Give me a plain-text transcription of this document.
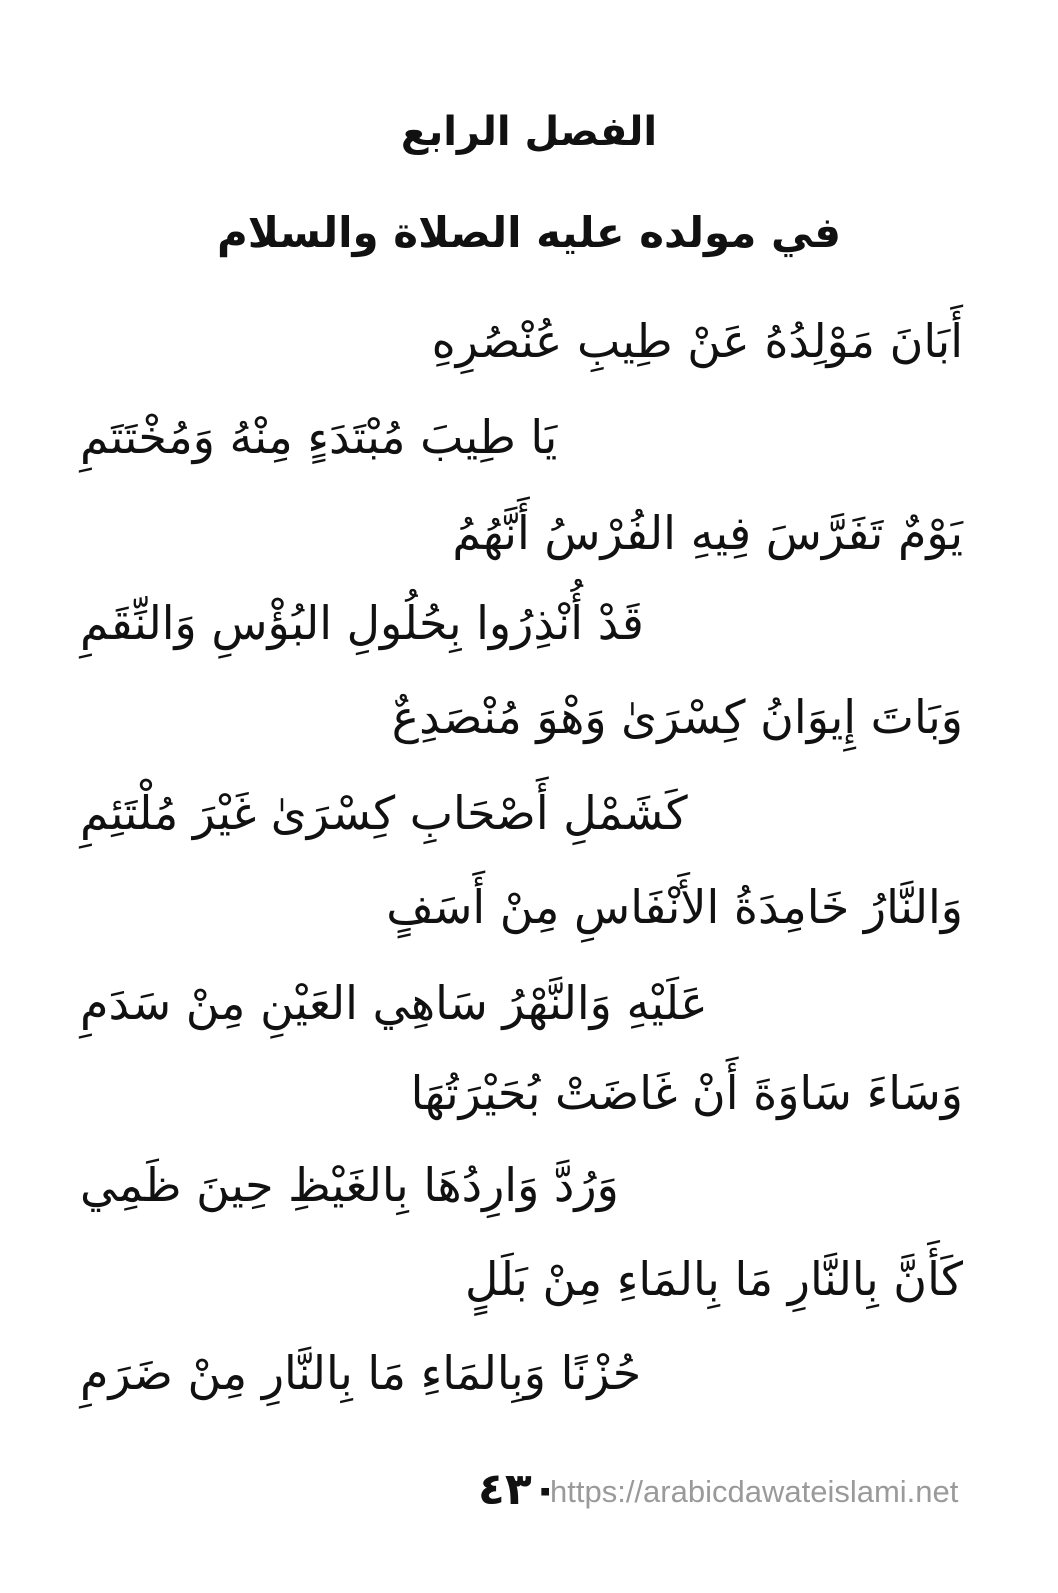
الفصل الرابع
في مولده عليه الصلاة والسلام
أَبَانَ مَوْلِدُهُ عَنْ طِيبِ عُنْصُرِهِ
يَا طِيبَ مُبْتَدَءٍ مِنْهُ وَمُخْتَتَمِ
يَوْمٌ تَفَرَّسَ فِيهِ الفُرْسُ أَنَّهُمُ
قَدْ أُنْذِرُوا بِحُلُولِ البُؤْسِ وَالنِّقَمِ
وَبَاتَ إِيوَانُ كِسْرَىٰ وَهْوَ مُنْصَدِعٌ
كَشَمْلِ أَصْحَابِ كِسْرَىٰ غَيْرَ مُلْتَئِمِ
وَالنَّارُ خَامِدَةُ الأَنْفَاسِ مِنْ أَسَفٍ
عَلَيْهِ وَالنَّهْرُ سَاهِي العَيْنِ مِنْ سَدَمِ
وَسَاءَ سَاوَةَ أَنْ غَاضَتْ بُحَيْرَتُهَا
وَرُدَّ وَارِدُهَا بِالغَيْظِ حِينَ ظَمِي
كَأَنَّ بِالنَّارِ مَا بِالمَاءِ مِنْ بَلَلٍ
حُزْنًا وَبِالمَاءِ مَا بِالنَّارِ مِنْ ضَرَمِ
٤٣٠
https://arabicdawateislami.net
